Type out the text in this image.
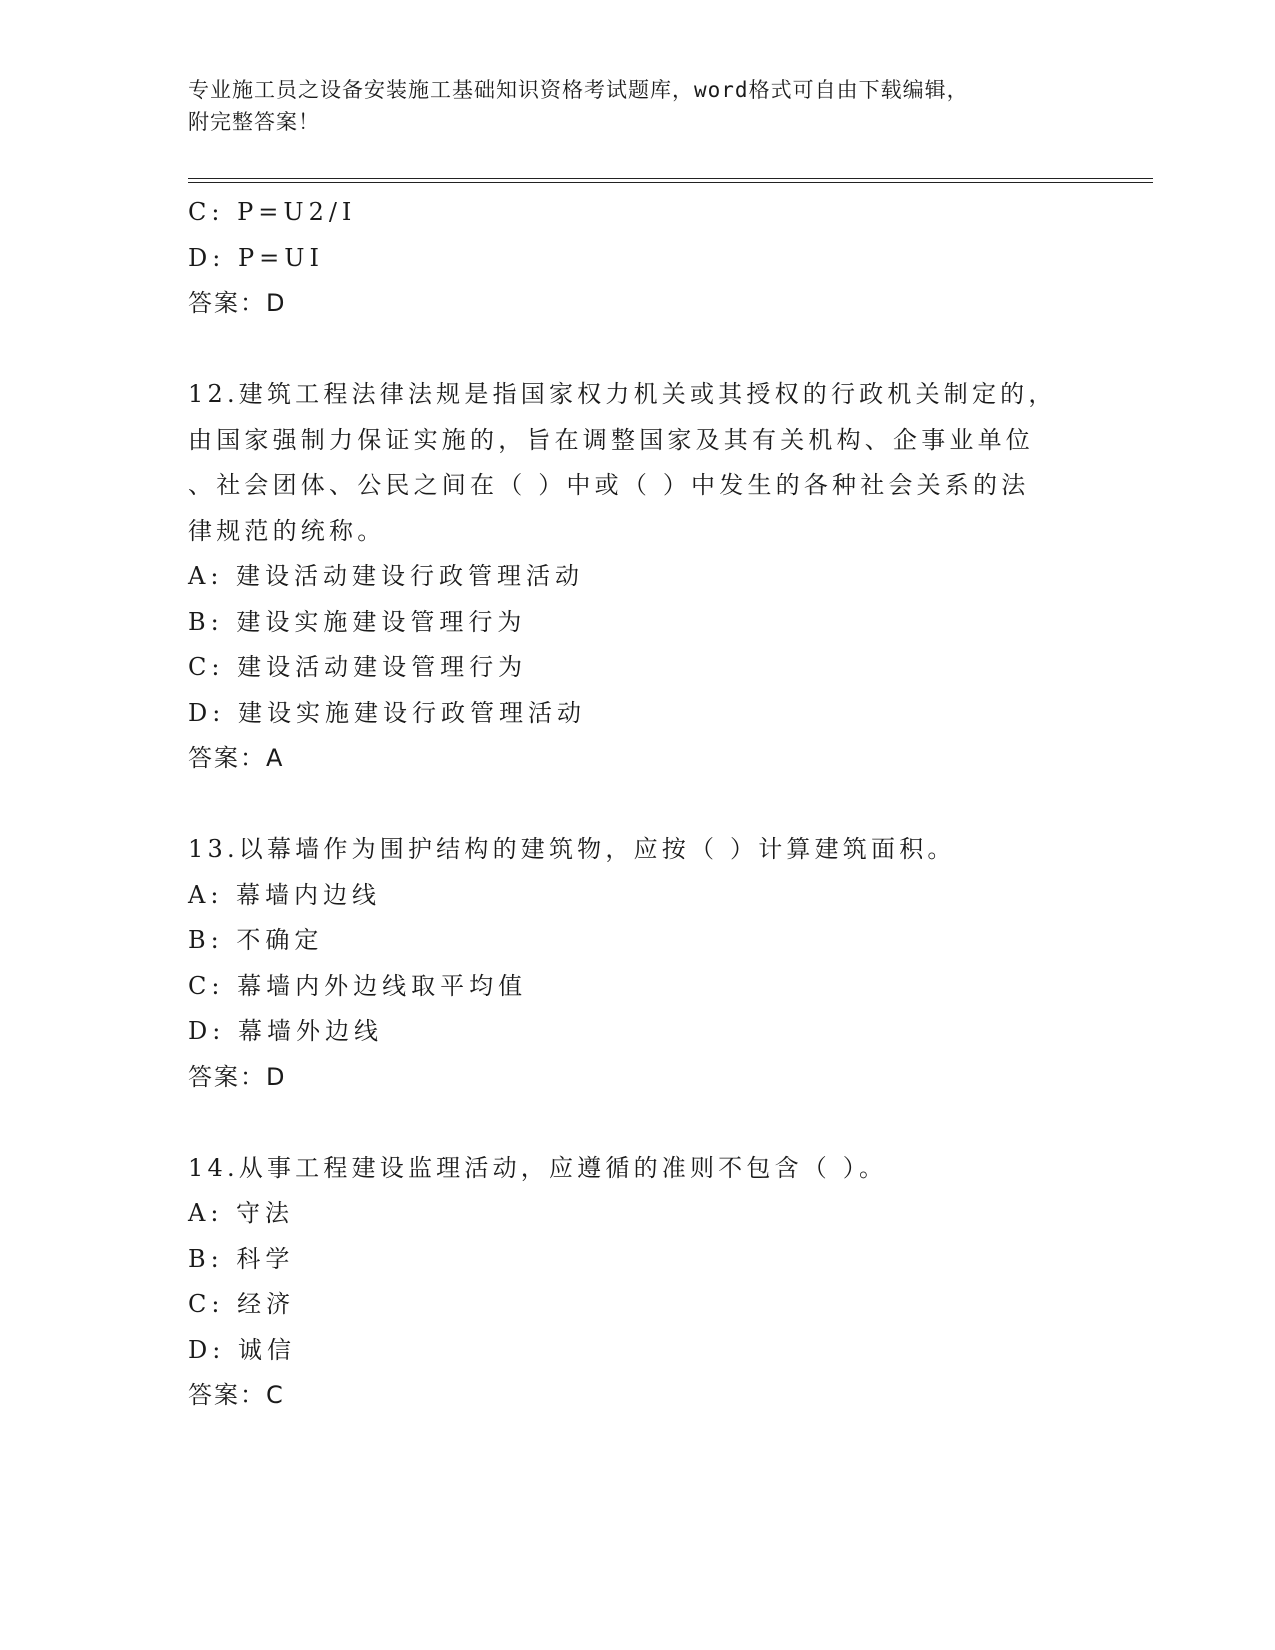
专业施工员之设备安装施工基础知识资格考试题库，word格式可自由下载编辑，
附完整答案！
C: P=U2/I
D: P=UI
答案：D
12.建筑工程法律法规是指国家权力机关或其授权的行政机关制定的，
由国家强制力保证实施的，旨在调整国家及其有关机构、企事业单位
、社会团体、公民之间在（ ）中或（ ）中发生的各种社会关系的法
律规范的统称。
A: 建设活动建设行政管理活动
B: 建设实施建设管理行为
C: 建设活动建设管理行为
D: 建设实施建设行政管理活动
答案：A
13.以幕墙作为围护结构的建筑物，应按（ ）计算建筑面积。
A: 幕墙内边线
B: 不确定
C: 幕墙内外边线取平均值
D: 幕墙外边线
答案：D
14.从事工程建设监理活动，应遵循的准则不包含（ ）。
A: 守法
B: 科学
C: 经济
D: 诚信
答案：C
